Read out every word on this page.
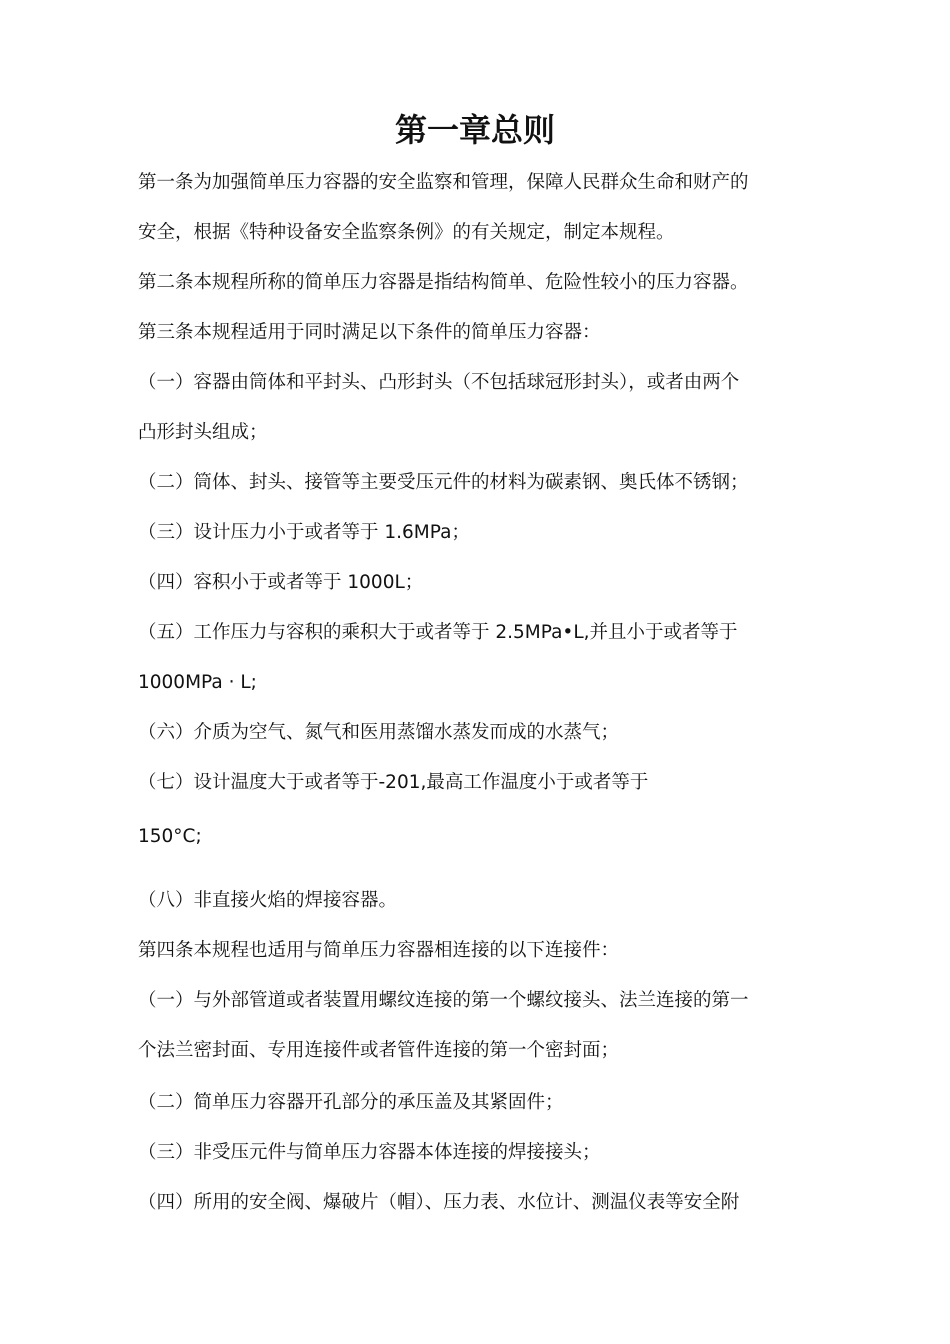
第一章总则

第一条为加强简单压力容器的安全监察和管理，保障人民群众生命和财产的

安全，根据《特种设备安全监察条例》的有关规定，制定本规程。

第二条本规程所称的简单压力容器是指结构简单、危险性较小的压力容器。

第三条本规程适用于同时满足以下条件的简单压力容器：

（一）容器由筒体和平封头、凸形封头（不包括球冠形封头），或者由两个

凸形封头组成；

（二）筒体、封头、接管等主要受压元件的材料为碳素钢、奥氏体不锈钢；

（三）设计压力小于或者等于 1.6MPa；

（四）容积小于或者等于 1000L；

（五）工作压力与容积的乘积大于或者等于 2.5MPa•L,并且小于或者等于

1000MPa · L;

（六）介质为空气、氮气和医用蒸馏水蒸发而成的水蒸气；

（七）设计温度大于或者等于-201,最高工作温度小于或者等于

150°C;

（八）非直接火焰的焊接容器。

第四条本规程也适用与简单压力容器相连接的以下连接件：

（一）与外部管道或者装置用螺纹连接的第一个螺纹接头、法兰连接的第一

个法兰密封面、专用连接件或者管件连接的第一个密封面；

（二）简单压力容器开孔部分的承压盖及其紧固件；

（三）非受压元件与简单压力容器本体连接的焊接接头；

（四）所用的安全阀、爆破片（帽）、压力表、水位计、测温仪表等安全附
